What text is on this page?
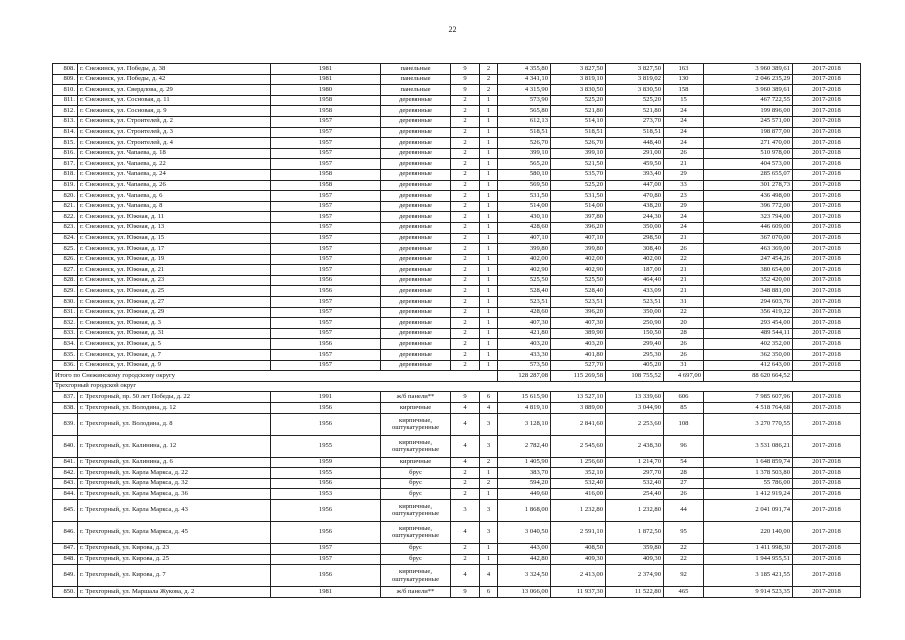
22
808.	г. Снежинск, ул. Победы, д. 38	1981	панельные	9	2	4 355,80	3 827,50	3 827,50	163	3 960 389,61	2017-2018
809.	г. Снежинск, ул. Победы, д. 42	1981	панельные	9	2	4 341,10	3 819,10	3 819,02	130	2 046 235,29	2017-2018
810.	г. Снежинск, ул. Свердлова, д. 29	1980	панельные	9	2	4 315,90	3 830,50	3 830,50	158	3 960 389,61	2017-2018
811.	г. Снежинск, ул. Сосновая, д. 11	1958	деревянные	2	1	573,90	525,20	525,20	15	467 722,55	2017-2018
812.	г. Снежинск, ул. Сосновая, д. 9	1958	деревянные	2	1	565,80	521,80	521,80	24	199 896,00	2017-2018
813.	г. Снежинск, ул. Строителей, д. 2	1957	деревянные	2	1	612,13	514,10	273,70	24	245 571,00	2017-2018
814.	г. Снежинск, ул. Строителей, д. 3	1957	деревянные	2	1	518,51	518,51	518,51	24	198 877,00	2017-2018
815.	г. Снежинск, ул. Строителей, д. 4	1957	деревянные	2	1	526,70	526,70	448,40	24	271 470,00	2017-2018
816.	г. Снежинск, ул. Чапаева, д. 18	1957	деревянные	2	1	399,10	399,10	291,00	26	510 978,00	2017-2018
817.	г. Снежинск, ул. Чапаева, д. 22	1957	деревянные	2	1	565,20	521,50	459,50	21	404 573,00	2017-2018
818.	г. Снежинск, ул. Чапаева, д. 24	1958	деревянные	2	1	580,10	535,70	393,40	29	285 655,07	2017-2018
819.	г. Снежинск, ул. Чапаева, д. 26	1958	деревянные	2	1	569,50	525,20	447,00	33	301 278,73	2017-2018
820.	г. Снежинск, ул. Чапаева, д. 6	1957	деревянные	2	1	531,50	531,50	470,80	23	436 498,00	2017-2018
821.	г. Снежинск, ул. Чапаева, д. 8	1957	деревянные	2	1	514,00	514,00	438,20	29	396 772,00	2017-2018
822.	г. Снежинск, ул. Южная, д. 11	1957	деревянные	2	1	430,10	397,80	244,30	24	323 794,00	2017-2018
823.	г. Снежинск, ул. Южная, д. 13	1957	деревянные	2	1	428,60	396,20	350,00	24	446 609,00	2017-2018
824.	г. Снежинск, ул. Южная, д. 15	1957	деревянные	2	1	407,10	407,10	298,50	21	367 070,00	2017-2018
825.	г. Снежинск, ул. Южная, д. 17	1957	деревянные	2	1	399,80	399,80	308,40	26	463 369,00	2017-2018
826.	г. Снежинск, ул. Южная, д. 19	1957	деревянные	2	1	402,00	402,00	402,00	22	247 454,26	2017-2018
827.	г. Снежинск, ул. Южная, д. 21	1957	деревянные	2	1	402,90	402,90	187,00	21	380 654,00	2017-2018
828.	г. Снежинск, ул. Южная, д. 23	1956	деревянные	2	1	525,50	525,50	464,40	21	352 420,00	2017-2018
829.	г. Снежинск, ул. Южная, д. 25	1956	деревянные	2	1	528,40	528,40	433,09	21	348 881,00	2017-2018
830.	г. Снежинск, ул. Южная, д. 27	1957	деревянные	2	1	523,51	523,51	523,51	31	294 603,76	2017-2018
831.	г. Снежинск, ул. Южная, д. 29	1957	деревянные	2	1	428,60	396,20	350,00	22	356 419,22	2017-2018
832.	г. Снежинск, ул. Южная, д. 3	1957	деревянные	2	1	407,30	407,30	250,90	20	293 454,00	2017-2018
833.	г. Снежинск, ул. Южная, д. 31	1957	деревянные	2	1	421,80	389,90	150,50	28	489 544,11	2017-2018
834.	г. Снежинск, ул. Южная, д. 5	1956	деревянные	2	1	403,20	403,20	299,40	26	402 352,00	2017-2018
835.	г. Снежинск, ул. Южная, д. 7	1957	деревянные	2	1	433,30	401,80	295,30	26	362 350,00	2017-2018
836.	г. Снежинск, ул. Южная, д. 9	1957	деревянные	2	1	573,50	527,70	405,20	31	412 643,00	2017-2018
Итого по Снежинскому городскому округу						128 287,08	115 269,58	108 755,52	4 697,00	88 620 664,52	
Трехгорный городской округ											
837.	г. Трехгорный, пр. 50 лет Победы, д. 22	1991	ж/б панели**	9	6	15 615,90	13 527,10	13 339,60	606	7 985 607,96	2017-2018
838.	г. Трехгорный, ул. Володина, д. 12	1956	кирпичные	4	4	4 819,10	3 889,00	3 044,90	85	4 518 764,68	2017-2018
839.	г. Трехгорный, ул. Володина, д. 8	1956	кирпичные, оштукатуренные	4	3	3 128,10	2 841,60	2 253,60	108	3 270 770,55	2017-2018
840.	г. Трехгорный, ул. Калинина, д. 12	1955	кирпичные, оштукатуренные	4	3	2 782,40	2 545,60	2 438,30	96	3 531 086,21	2017-2018
841.	г. Трехгорный, ул. Калинина, д. 6	1959	кирпичные	4	2	1 405,90	1 256,60	1 214,70	54	1 648 859,74	2017-2018
842.	г. Трехгорный, ул. Карла Маркса, д. 22	1955	брус	2	1	383,70	352,10	297,70	28	1 378 503,80	2017-2018
843.	г. Трехгорный, ул. Карла Маркса, д. 32	1956	брус	2	2	594,20	532,40	532,40	27	55 786,00	2017-2018
844.	г. Трехгорный, ул. Карла Маркса, д. 36	1953	брус	2	1	449,60	416,00	254,40	26	1 412 919,24	2017-2018
845.	г. Трехгорный, ул. Карла Маркса, д. 43	1956	кирпичные, оштукатуренные	3	3	1 868,00	1 232,80	1 232,80	44	2 041 091,74	2017-2018
846.	г. Трехгорный, ул. Карла Маркса, д. 45	1956	кирпичные, оштукатуренные	4	3	3 040,50	2 591,10	1 872,50	95	220 140,00	2017-2018
847.	г. Трехгорный, ул. Кирова, д. 23	1957	брус	2	1	443,00	408,50	359,80	22	1 411 998,30	2017-2018
848.	г. Трехгорный, ул. Кирова, д. 25	1957	брус	2	1	442,80	409,30	409,30	22	1 944 955,51	2017-2018
849.	г. Трехгорный, ул. Кирова, д. 7	1956	кирпичные, оштукатуренные	4	4	3 324,50	2 413,00	2 374,90	92	3 185 421,55	2017-2018
850.	г. Трехгорный, ул. Маршала Жукова, д. 2	1981	ж/б панели**	9	6	13 066,00	11 937,30	11 522,80	465	9 914 523,35	2017-2018
